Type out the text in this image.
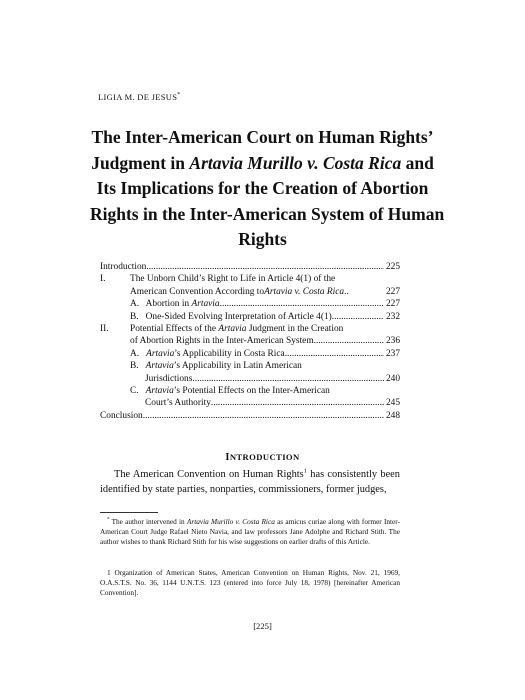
LIGIA M. DE JESUS*
The Inter-American Court on Human Rights’
Judgment in Artavia Murillo v. Costa Rica and
Its Implications for the Creation of Abortion
Rights in the Inter-American System of Human
Rights
Introduction .....	225
I.	The Unborn Child’s Right to Life in Article 4(1) of the
American Convention According to Artavia v. Costa Rica ..	227
A.   Abortion in Artavia .....	227
B.   One-Sided Evolving Interpretation of Article 4(1) .....	232
II. Potential Effects of the Artavia Judgment in the Creation
of Abortion Rights in the Inter-American System .....	236
A. Artavia ’s Applicability in Costa Rica .....	237
B.   Artavia’s Applicability in Latin American
Jurisdictions .....	240
C.   Artavia’s Potential Effects on the Inter-American
Court’s Authority .....	245
Conclusion .....	248
INTRODUCTION

The American Convention on Human Rights$^1$ has consistently been identified by state parties, nonparties, commissioners, former judges,

* The author intervened in Artavia Murillo v. Costa Rica as amicus curiae along with former Inter-American Court Judge Rafael Nieto Navia, and law professors Jane Adolphe and Richard Stith. The author wishes to thank Richard Stith for his wise suggestions on earlier drafts of this Article.

1 Organization of American States, American Convention on Human Rights, Nov. 21, 1969, O.A.S.T.S. No. 36, 1144 U.N.T.S. 123 (entered into force July 18, 1978) [hereinafter American Convention].

[225]
